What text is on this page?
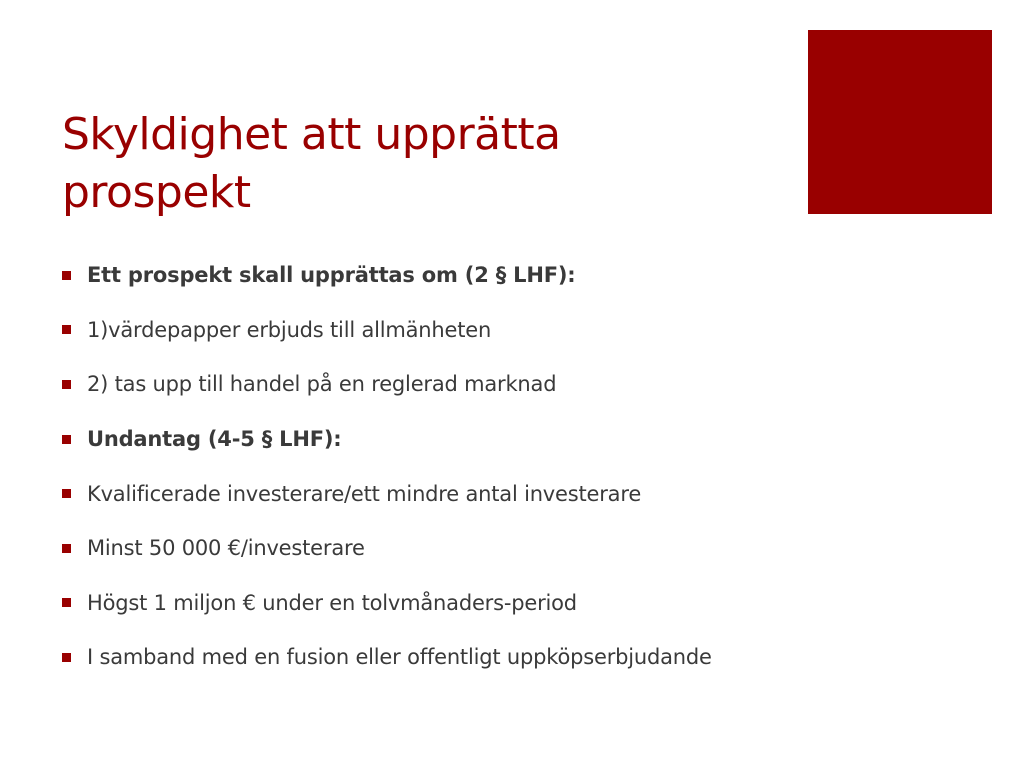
Skyldighet att upprätta
prospekt
Ett prospekt skall upprättas om (2 § LHF):
1)värdepapper erbjuds till allmänheten
2) tas upp till handel på en reglerad marknad
Undantag (4-5 § LHF):
Kvalificerade investerare/ett mindre antal investerare
Minst 50 000 €/investerare
Högst 1 miljon € under en tolvmånaders-period
I samband med en fusion eller offentligt uppköpserbjudande
